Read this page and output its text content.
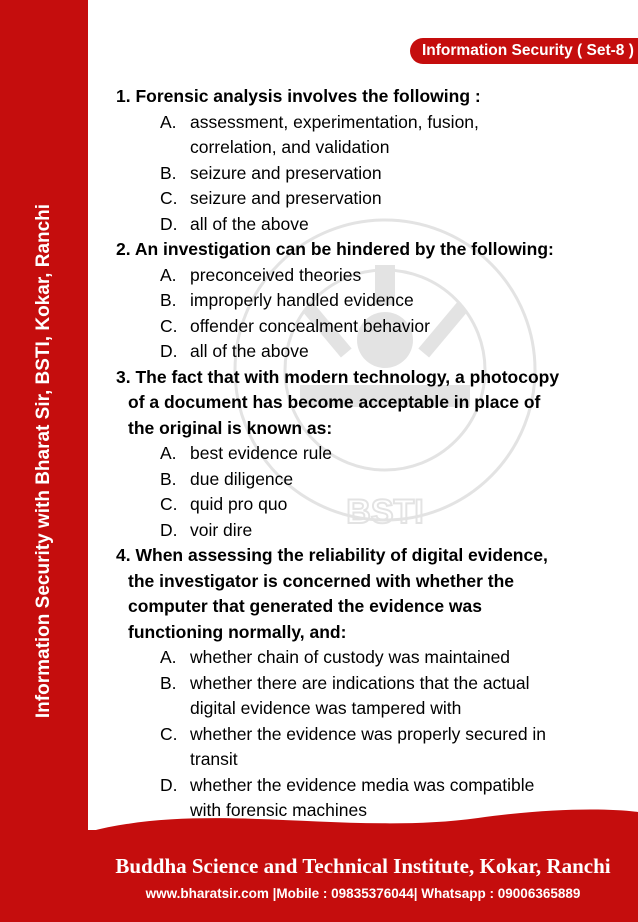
Information Security with Bharat Sir, BSTI, Kokar, Ranchi
Information Security ( Set-8 )
BSTI
1. Forensic analysis involves the following :
A. assessment, experimentation, fusion,
correlation, and validation
B. seizure and preservation
C. seizure and preservation
D. all of the above
2. An investigation can be hindered by the following:
A. preconceived theories
B. improperly handled evidence
C. offender concealment behavior
D. all of the above
3. The fact that with modern technology, a photocopy
of a document has become acceptable in place of
the original is known as:
A. best evidence rule
B. due diligence
C. quid pro quo
D. voir dire
4. When assessing the reliability of digital evidence,
the investigator is concerned with whether the
computer that generated the evidence was
functioning normally, and:
A. whether chain of custody was maintained
B. whether there are indications that the actual
digital evidence was tampered with
C. whether the evidence was properly secured in
transit
D. whether the evidence media was compatible
with forensic machines
Buddha Science and Technical Institute, Kokar, Ranchi
www.bharatsir.com |Mobile : 09835376044| Whatsapp : 09006365889
